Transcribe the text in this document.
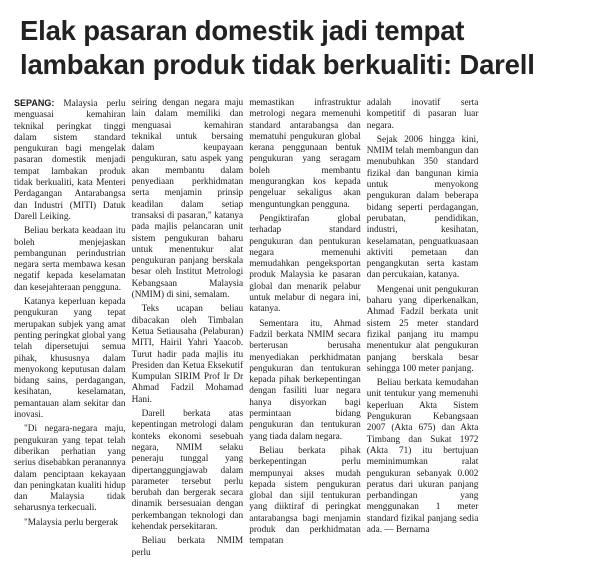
Elak pasaran domestik jadi tempat
lambakan produk tidak berkualiti: Darell

SEPANG: Malaysia perlu menguasai kemahiran teknikal peringkat tinggi dalam sistem standard pengukuran bagi mengelak pasaran domestik menjadi tempat lambakan produk tidak berkualiti, kata Menteri Perdagangan Antarabangsa dan Industri (MITI) Datuk Darell Leiking.

Beliau berkata keadaan itu boleh menjejaskan pembangunan perindustrian negara serta membawa kesan negatif kepada keselamatan dan kesejahteraan pengguna.

Katanya keperluan kepada pengukuran yang tepat merupakan subjek yang amat penting peringkat global yang telah dipersetujui semua pihak, khususnya dalam menyokong keputusan dalam bidang sains, perdagangan, kesihatan, keselamatan, pemantauan alam sekitar dan inovasi.

"Di negara-negara maju, pengukuran yang tepat telah diberikan perhatian yang serius disebabkan peranannya dalam penciptaan kekayaan dan peningkatan kualiti hidup dan Malaysia tidak seharusnya terkecuali.

"Malaysia perlu bergerak

seiring dengan negara maju lain dalam memiliki dan menguasai kemahiran teknikal untuk bersaing dalam keupayaan pengukuran, satu aspek yang akan membantu dalam penyediaan perkhidmatan serta menjamin prinsip keadilan dalam setiap transaksi di pasaran," katanya pada majlis pelancaran unit sistem pengukuran baharu untuk menentukur alat pengukuran panjang berskala besar oleh Institut Metrologi Kebangsaan Malaysia (NMIM) di sini, semalam.

Teks ucapan beliau dibacakan oleh Timbalan Ketua Setiausaha (Pelaburan) MITI, Hairil Yahri Yaacob. Turut hadir pada majlis itu Presiden dan Ketua Eksekutif Kumpulan SIRIM Prof Ir Dr Ahmad Fadzil Mohamad Hani.

Darell berkata atas kepentingan metrologi dalam konteks ekonomi sesebuah negara, NMIM selaku peneraju tunggal yang dipertanggungjawab dalam parameter tersebut perlu berubah dan bergerak secara dinamik bersesuaian dengan perkembangan teknologi dan kehendak persekitaran.

Beliau berkata NMIM perlu

memastikan infrastruktur metrologi negara memenuhi standard antarabangsa dan mematuhi pengukuran global kerana penggunaan bentuk pengukuran yang seragam boleh membantu mengurangkan kos kepada pengeluar sekaligus akan menguntungkan pengguna.

Pengiktirafan global terhadap standard pengukuran dan pentukuran negara memenuhi memudahkan pengeksportan produk Malaysia ke pasaran global dan menarik pelabur untuk melabur di negara ini, katanya.

Sementara itu, Ahmad Fadzil berkata NMIM secara berterusan berusaha menyediakan perkhidmatan pengukuran dan tentukuran kepada pihak berkepentingan dengan fasiliti luar negara hanya disyorkan bagi permintaan bidang pengukuran dan tentukuran yang tiada dalam negara.

Beliau berkata pihak berkepentingan perlu mempunyai akses mudah kepada sistem pengukuran global dan sijil tentukuran yang diiktiraf di peringkat antarabangsa bagi menjamin produk dan perkhidmatan tempatan

adalah inovatif serta kompetitif di pasaran luar negara.

Sejak 2006 hingga kini, NMIM telah membangun dan menubuhkan 350 standard fizikal dan bangunan kimia untuk menyokong pengukuran dalam beberapa bidang seperti perdagangan, perubatan, pendidikan, industri, kesihatan, keselamatan, penguatkuasaan aktiviti pemetaan dan pengangkutan serta kastam dan percukaian, katanya.

Mengenai unit pengukuran baharu yang diperkenalkan, Ahmad Fadzil berkata unit sistem 25 meter standard fizikal panjang itu mampu menentukur alat pengukuran panjang berskala besar sehingga 100 meter panjang.

Beliau berkata kemudahan unit tentukur yang memenuhi keperluan Akta Sistem Pengukuran Kebangsaan 2007 (Akta 675) dan Akta Timbang dan Sukat 1972 (Akta 71) itu bertujuan meminimumkan ralat pengukuran sebanyak 0.002 peratus dari ukuran panjang perbandingan yang menggunakan 1 meter standard fizikal panjang sedia ada. — Bernama
